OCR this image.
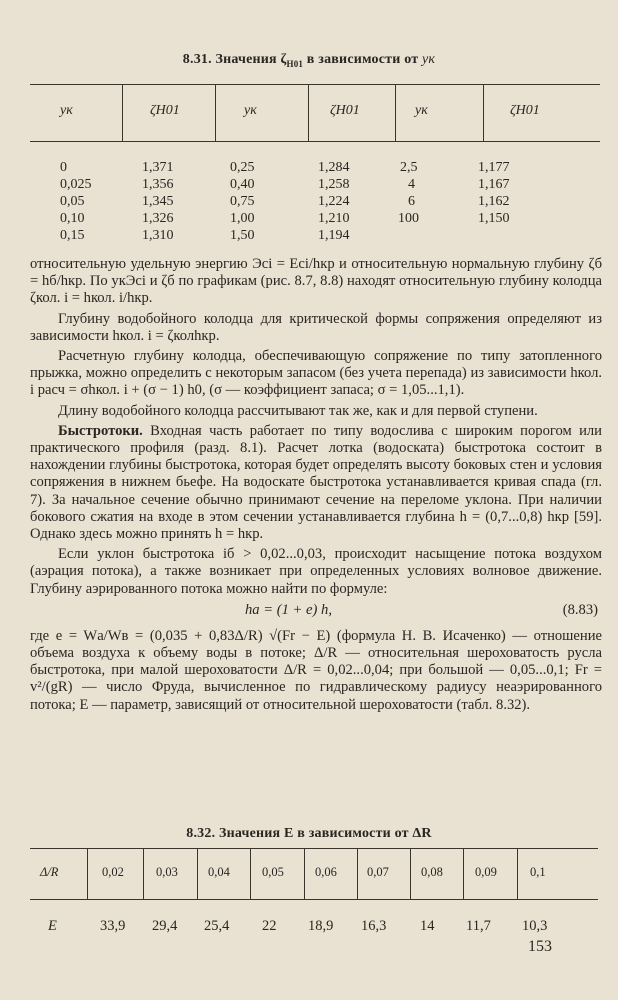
8.31. Значения $\zeta_{H01}$ в зависимости от yк
yк	ζH01	yк	ζH01	yк	ζH01
0	1,371	0,25	1,284	2,5	1,177
0,025	1,356	0,40	1,258	4	1,167
0,05	1,345	0,75	1,224	6	1,162
0,10	1,326	1,00	1,210	100	1,150
0,15	1,310	1,50	1,194

относительную удельную энергию Эci = Eci/hкр и относительную нормальную глубину ζб = hб/hкр. По yкЭci и ζб по графикам (рис. 8.7, 8.8) находят относительную глубину колодца ζкол. i = hкол. i/hкр.

Глубину водобойного колодца для критической формы сопряжения определяют из зависимости hкол. i = ζколhкр.

Расчетную глубину колодца, обеспечивающую сопряжение по типу затопленного прыжка, можно определить с некоторым запасом (без учета перепада) из зависимости hкол. i расч = σhкол. i + (σ − 1) h0, (σ — коэффициент запаса; σ = 1,05...1,1).

Длину водобойного колодца рассчитывают так же, как и для первой ступени.

Быстротоки. Входная часть работает по типу водослива с широким порогом или практического профиля (разд. 8.1). Расчет лотка (водоската) быстротока состоит в нахождении глубины быстротока, которая будет определять высоту боковых стен и условия сопряжения в нижнем бьефе. На водоскате быстротока устанавливается кривая спада (гл. 7). За начальное сечение обычно принимают сечение на переломе уклона. При наличии бокового сжатия на входе в этом сечении устанавливается глубина h = (0,7...0,8) hкр [59]. Однако здесь можно принять h = hкр.

Если уклон быстротока iб > 0,02...0,03, происходит насыщение потока воздухом (аэрация потока), а также возникает при определенных условиях волновое движение. Глубину аэрированного потока можно найти по формуле:

hа = (1 + e) h,	(8.83)

где e = Wа/Wв = (0,035 + 0,83Δ/R) √(Fr − E) (формула Н. В. Исаченко) — отношение объема воздуха к объему воды в потоке; Δ/R — относительная шероховатость русла быстротока, при малой шероховатости Δ/R = 0,02...0,04; при большой — 0,05...0,1; Fr = v²/(gR) — число Фруда, вычисленное по гидравлическому радиусу неаэрированного потока; E — параметр, зависящий от относительной шероховатости (табл. 8.32).

8.32. Значения E в зависимости от ΔR
Δ/R	0,02	0,03 0,04	0,05 0,06 0,07	0,08	0,09	0,1
E	33,9 29,4 25,4 22 18,9 16,3 14 11,7 10,3
153
